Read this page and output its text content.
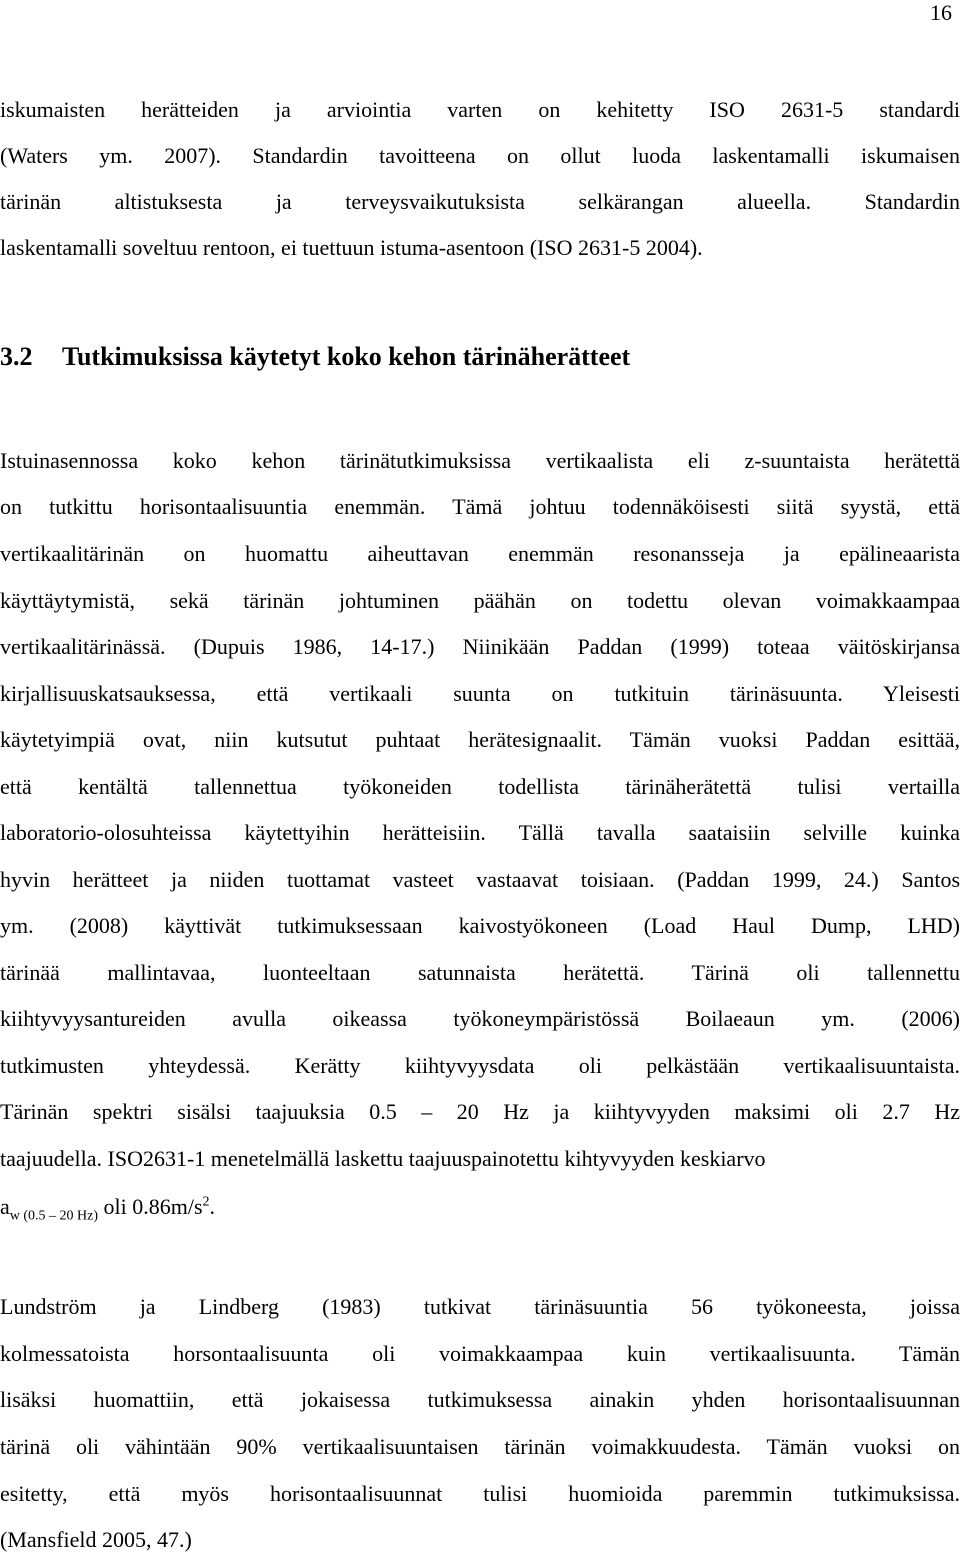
16
iskumaisten herätteiden ja arviointia varten on kehitetty ISO 2631-5 standardi
(Waters ym. 2007). Standardin tavoitteena on ollut luoda laskentamalli iskumaisen
tärinän altistuksesta ja terveysvaikutuksista selkärangan alueella. Standardin
laskentamalli soveltuu rentoon, ei tuettuun istuma-asentoon (ISO 2631-5 2004).
3.2 Tutkimuksissa käytetyt koko kehon tärinäherätteet
Istuinasennossa koko kehon tärinätutkimuksissa vertikaalista eli z-suuntaista herätettä
on tutkittu horisontaalisuuntia enemmän. Tämä johtuu todennäköisesti siitä syystä, että
vertikaalitärinän on huomattu aiheuttavan enemmän resonansseja ja epälineaarista
käyttäytymistä, sekä tärinän johtuminen päähän on todettu olevan voimakkaampaa
vertikaalitärinässä. (Dupuis 1986, 14-17.) Niinikään Paddan (1999) toteaa väitöskirjansa
kirjallisuuskatsauksessa, että vertikaali suunta on tutkituin tärinäsuunta. Yleisesti
käytetyimpiä ovat, niin kutsutut puhtaat herätesignaalit. Tämän vuoksi Paddan esittää,
että kentältä tallennettua työkoneiden todellista tärinäherätettä tulisi vertailla
laboratorio-olosuhteissa käytettyihin herätteisiin. Tällä tavalla saataisiin selville kuinka
hyvin herätteet ja niiden tuottamat vasteet vastaavat toisiaan. (Paddan 1999, 24.) Santos
ym. (2008) käyttivät tutkimuksessaan kaivostyökoneen (Load Haul Dump, LHD)
tärinää mallintavaa, luonteeltaan satunnaista herätettä. Tärinä oli tallennettu
kiihtyvyysantureiden avulla oikeassa työkoneympäristössä Boilaeaun ym. (2006)
tutkimusten yhteydessä. Kerätty kiihtyvyysdata oli pelkästään vertikaalisuuntaista.
Tärinän spektri sisälsi taajuuksia 0.5 – 20 Hz ja kiihtyvyyden maksimi oli 2.7 Hz
taajuudella. ISO2631-1 menetelmällä laskettu taajuuspainotettu kihtyvyyden keskiarvo
$a_{w (0.5 - 20 Hz)}$ oli $0.86m/s^2$.
Lundström ja Lindberg (1983) tutkivat tärinäsuuntia 56 työkoneesta, joissa
kolmessatoista horsontaalisuunta oli voimakkaampaa kuin vertikaalisuunta. Tämän
lisäksi huomattiin, että jokaisessa tutkimuksessa ainakin yhden horisontaalisuunnan
tärinä oli vähintään 90% vertikaalisuuntaisen tärinän voimakkuudesta. Tämän vuoksi on
esitetty, että myös horisontaalisuunnat tulisi huomioida paremmin tutkimuksissa.
(Mansfield 2005, 47.)
